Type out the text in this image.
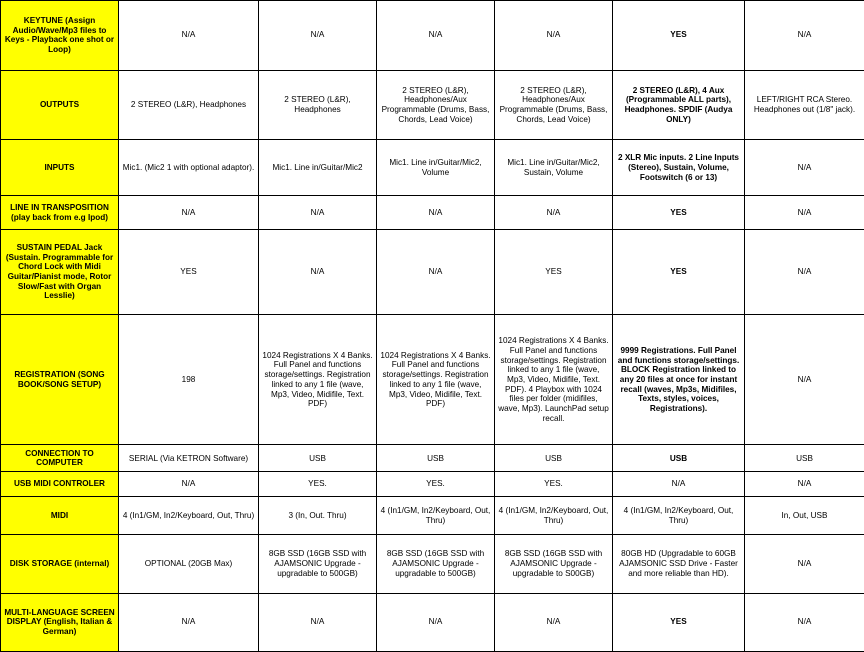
KEYTUNE (Assign Audio/Wave/Mp3 files to Keys - Playback one shot or Loop)	N/A	N/A	N/A	N/A	YES	N/A
OUTPUTS	2 STEREO (L&R), Headphones	2 STEREO (L&R), Headphones	2 STEREO (L&R), Headphones/Aux Programmable (Drums, Bass, Chords, Lead Voice)	2 STEREO (L&R), Headphones/Aux Programmable (Drums, Bass, Chords, Lead Voice)	2 STEREO (L&R), 4 Aux (Programmable ALL parts), Headphones. SPDIF (Audya ONLY)	LEFT/RIGHT RCA Stereo. Headphones out (1/8" jack).
INPUTS	Mic1. (Mic2 1 with optional adaptor).	Mic1. Line in/Guitar/Mic2	Mic1. Line in/Guitar/Mic2, Volume	Mic1. Line in/Guitar/Mic2, Sustain, Volume	2 XLR Mic inputs. 2 Line Inputs (Stereo), Sustain, Volume, Footswitch (6 or 13)	N/A
LINE IN TRANSPOSITION (play back from e.g Ipod)	N/A	N/A	N/A	N/A	YES	N/A
SUSTAIN PEDAL Jack (Sustain. Programmable for Chord Lock with Midi Guitar/Pianist mode, Rotor Slow/Fast with Organ Lesslie)	YES	N/A	N/A	YES	YES	N/A
REGISTRATION (SONG BOOK/SONG SETUP)	198	1024 Registrations X 4 Banks. Full Panel and functions storage/settings. Registration linked to any 1 file (wave, Mp3, Video, Midifile, Text. PDF)	1024 Registrations X 4 Banks. Full Panel and functions storage/settings. Registration linked to any 1 file (wave, Mp3, Video, Midifile, Text. PDF)	1024 Registrations X 4 Banks. Full Panel and functions storage/settings. Registration linked to any 1 file (wave, Mp3, Video, Midifile, Text. PDF). 4 Playbox with 1024 files per folder (midifiles, wave, Mp3). LaunchPad setup recall.	9999 Registrations. Full Panel and functions storage/settings. BLOCK Registration linked to any 20 files at once for instant recall (waves, Mp3s, Midifiles, Texts, styles, voices, Registrations).	N/A
CONNECTION TO COMPUTER	SERIAL (Via KETRON Software)	USB	USB	USB	USB	USB
USB MIDI CONTROLER	N/A	YES.	YES.	YES.	N/A	N/A
MIDI	4 (In1/GM, In2/Keyboard, Out, Thru)	3 (In, Out. Thru)	4 (In1/GM, In2/Keyboard, Out, Thru)	4 (In1/GM, In2/Keyboard, Out, Thru)	4 (In1/GM, In2/Keyboard, Out, Thru)	In, Out, USB
DISK STORAGE (internal)	OPTIONAL (20GB Max)	8GB SSD (16GB SSD with AJAMSONIC Upgrade - upgradable to 500GB)	8GB SSD (16GB SSD with AJAMSONIC Upgrade - upgradable to 500GB)	8GB SSD (16GB SSD with AJAMSONIC Upgrade - upgradable to S00GB)	80GB HD (Upgradable to 60GB AJAMSONIC SSD Drive - Faster and more reliable than HD).	N/A
MULTI-LANGUAGE SCREEN DISPLAY (English, Italian & German)	N/A	N/A	N/A	N/A	YES	N/A
